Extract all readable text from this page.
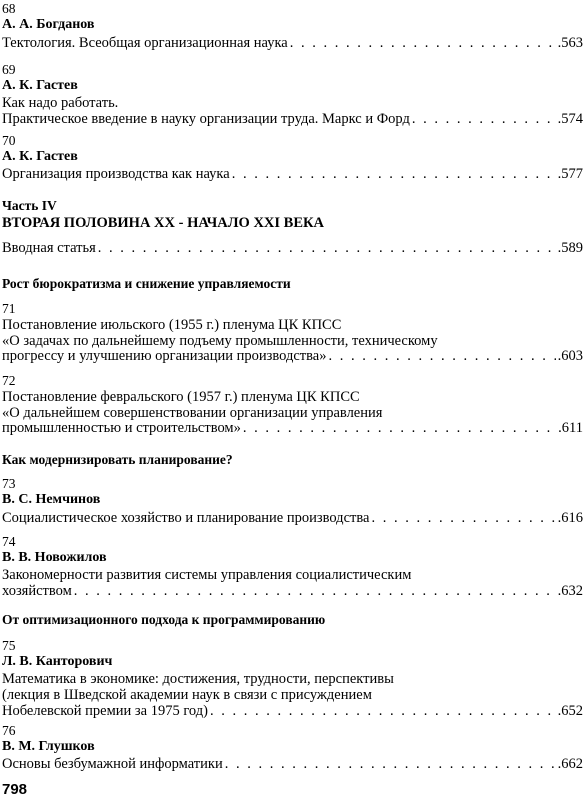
68
А. А. Богданов
Тектология. Всеобщая организационная наука . . .	.563
69
А. К. Гастев
Как надо работать.
Практическое введение в науку организации труда. Маркс и Форд . . .	.574
70
А. К. Гастев
Организация производства как наука . . .	.577
Часть IV
ВТОРАЯ ПОЛОВИНА XX - НАЧАЛО XXI ВЕКА
Вводная статья . . .	.589
Рост бюрократизма и снижение управляемости
71
Постановление июльского (1955 г.) пленума ЦК КПСС
«О задачах по дальнейшему подъему промышленности, техническому
прогрессу и улучшению организации производства» . . .	.603
72
Постановление февральского (1957 г.) пленума ЦК КПСС
«О дальнейшем совершенствовании организации управления
промышленностью и строительством» . . .	.611
Как модернизировать планирование?
73
В. С. Немчинов
Социалистическое хозяйство и планирование производства . . .	.616
74
В. В. Новожилов
Закономерности развития системы управления социалистическим
хозяйством . . .	.632
От оптимизационного подхода к программированию
75
Л. В. Канторович
Математика в экономике: достижения, трудности, перспективы
(лекция в Шведской академии наук в связи с присуждением
Нобелевской премии за 1975 год) . . .	.652
76
В. М. Глушков
Основы безбумажной информатики . . .	.662
798
